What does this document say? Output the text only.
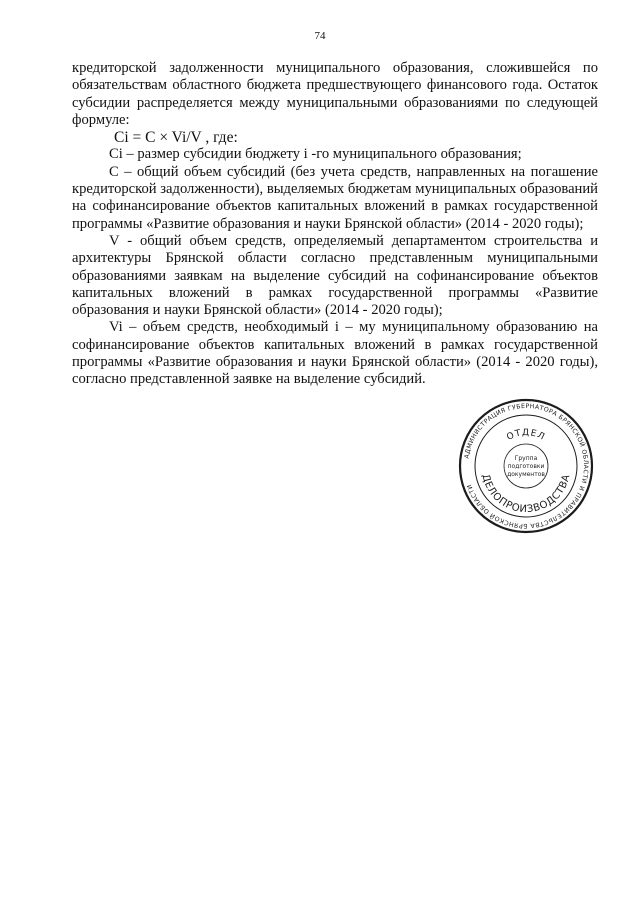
74

кредиторской задолженности муниципального образования, сложившейся по обязательствам областного бюджета предшествующего финансового года. Остаток субсидии распределяется между муниципальными образованиями по следующей формуле:

Ci = C × Vi/V , где:

Ci – размер субсидии бюджету i -го муниципального образования;

C – общий объем субсидий (без учета средств, направленных на погашение кредиторской задолженности), выделяемых бюджетам муниципальных образований на софинансирование объектов капитальных вложений в рамках государственной программы «Развитие образования и науки Брянской области» (2014 - 2020 годы);

V - общий объем средств, определяемый департаментом строительства и архитектуры Брянской области согласно представленным муниципальными образованиями заявкам на выделение субсидий на софинансирование объектов капитальных вложений в рамках государственной программы «Развитие образования и науки Брянской области» (2014 - 2020 годы);

Vi – объем средств, необходимый i – му муниципальному образованию на софинансирование объектов капитальных вложений в рамках государственной программы «Развитие образования и науки Брянской области» (2014 - 2020 годы), согласно представленной заявке на выделение субсидий.

АДМИНИСТРАЦИЯ ГУБЕРНАТОРА БРЯНСКОЙ ОБЛАСТИ И ПРАВИТЕЛЬСТВА БРЯНСКОЙ ОБЛАСТИ
ОТДЕЛ
ДЕЛОПРОИЗВОДСТВА
Группа
подготовки
документов
